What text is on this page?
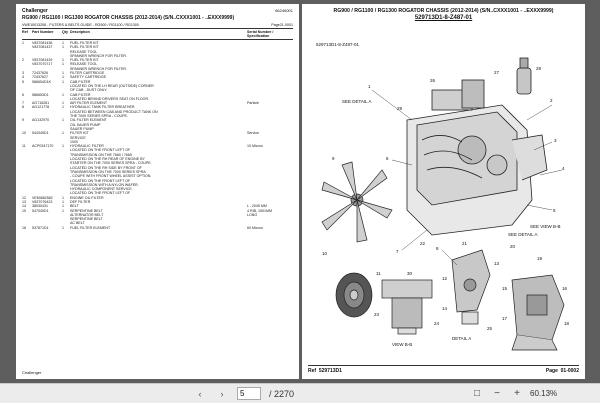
Challenger
RG900 / RG1100 / RG1300 ROGATOR CHASSIS (2012-2014) (S/N..CXXX1001 - ..EXXX9999)
66246001
VWE10013206 - FILTERS & BELTS GUIDE - RG900 / RG1100 / RG1300	Page21-0001
Ref	Part Number	Qty Description	Serial Number / Specification
1	V837081436	1	FUEL FILTER KIT
V837081437	1	FUEL FILTER KIT
RELEASE TOOL
SPANNER WRENCH FOR FILTER.
2	V837081439	1	FUEL FILTER KIT
V837070717	1	RELEASE TOOL
SPANNER WRENCH FOR FILTER.
3	72437626	1	FILTER CARTRIDGE
4	72437627	1	SAFETY CARTRIDGE
5	586654D1K	1	CAB FILTER
LOCATED ON THE LH REAR (OUTSIDE) CORNER
OF CAB - DUST ONLY.
6	586653D1	1	CAB FILTER
LOCATED BEHIND DRIVERS SEAT ON FLOOR.
7	AG716261	1	AIR FILTER ELEMENT	Particle
8	AG121778	1	HYDRAULIC TANK FILTER BREATHER
LOCATED BETWEEN CAB AND PRODUCT TANK ON
THE 7000 SERIES SPRA - COUPE.
9	AG132970	1	OIL FILTER ELEMENT
OIL SAUER PUMP
SAUER PUMP
10	544349D1	1	FILTER KIT	Service
SERVICE
1000
11	ACP0347170	1	HYDRAULIC FILTER	10 Micron
LOCATED ON THE FRONT LEFT OF
TRANSMISSION ON THE 7660 / 7665
LOCATED ON THE RH REAR OF ENGINE BY
STARTER ON THE 7000 SERIES SPRA - COUPE.
LOCATED ON THE RH SIDE BY FRONT OF
TRANSMISSION ON THE 7000 SERIES SPRA
- COUPE WITH FRONT WHEEL ASSIST OPTION.
LOCATED ON THE FRONT LEFT OF
TRANSMISSION WITH A NYLON WAFER.
HYDRAULIC COMPONENT SERVICE.
LOCATED ON THE FRONT LEFT OF
12	VE60682582	1	ENGINE OIL FILTER
13	V837076423	1	DEF FILTER
14	38030431	1	BELT	L : 2045 MM
15	547040D1	1	SERPENTINE BELT	4 RIB, 1501MM
ALTERNATOR BELT	LONG
SERPENTINE BELT
AC BELT
16	537871D1	1	FUEL FILTER ELEMENT	60 Micron
Challenger
RG900 / RG1100 / RG1300 ROGATOR CHASSIS (2012-2014) (S/N..CXXX1001 - ..EXXX9999)
529713D1-8-Z487-01
529713D1-8-Z487-01
1
2
3
4
5
6
7
8
9
10
11
12
13
14
15	16
17
18
19
20
21
22
23
24
25
26
27
28
29
30
SEE DETAIL A
SEE VIEW B-B
SEE DETAIL A
VIEW B-B
DETAIL A
Ref 529713D1	Page 01-0002
‹	›
5	/ 2270	□	−	+	60.13%
